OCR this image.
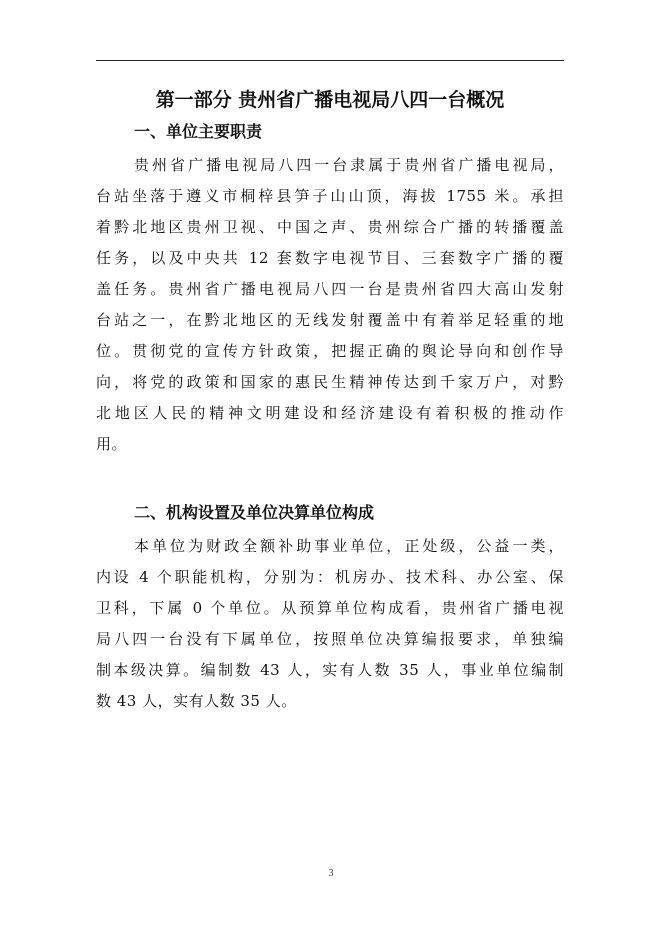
第一部分 贵州省广播电视局八四一台概况
一、单位主要职责
贵州省广播电视局八四一台隶属于贵州省广播电视局，
台站坐落于遵义市桐梓县笋子山山顶，海拔 1755 米。承担
着黔北地区贵州卫视、中国之声、贵州综合广播的转播覆盖
任务，以及中央共 12 套数字电视节目、三套数字广播的覆
盖任务。贵州省广播电视局八四一台是贵州省四大高山发射
台站之一，在黔北地区的无线发射覆盖中有着举足轻重的地
位。贯彻党的宣传方针政策，把握正确的舆论导向和创作导
向，将党的政策和国家的惠民生精神传达到千家万户，对黔
北地区人民的精神文明建设和经济建设有着积极的推动作
用。
二、机构设置及单位决算单位构成
本单位为财政全额补助事业单位，正处级，公益一类，
内设 4 个职能机构，分别为：机房办、技术科、办公室、保
卫科，下属 0 个单位。从预算单位构成看，贵州省广播电视
局八四一台没有下属单位，按照单位决算编报要求，单独编
制本级决算。编制数 43 人，实有人数 35 人，事业单位编制
数 43 人，实有人数 35 人。
3
